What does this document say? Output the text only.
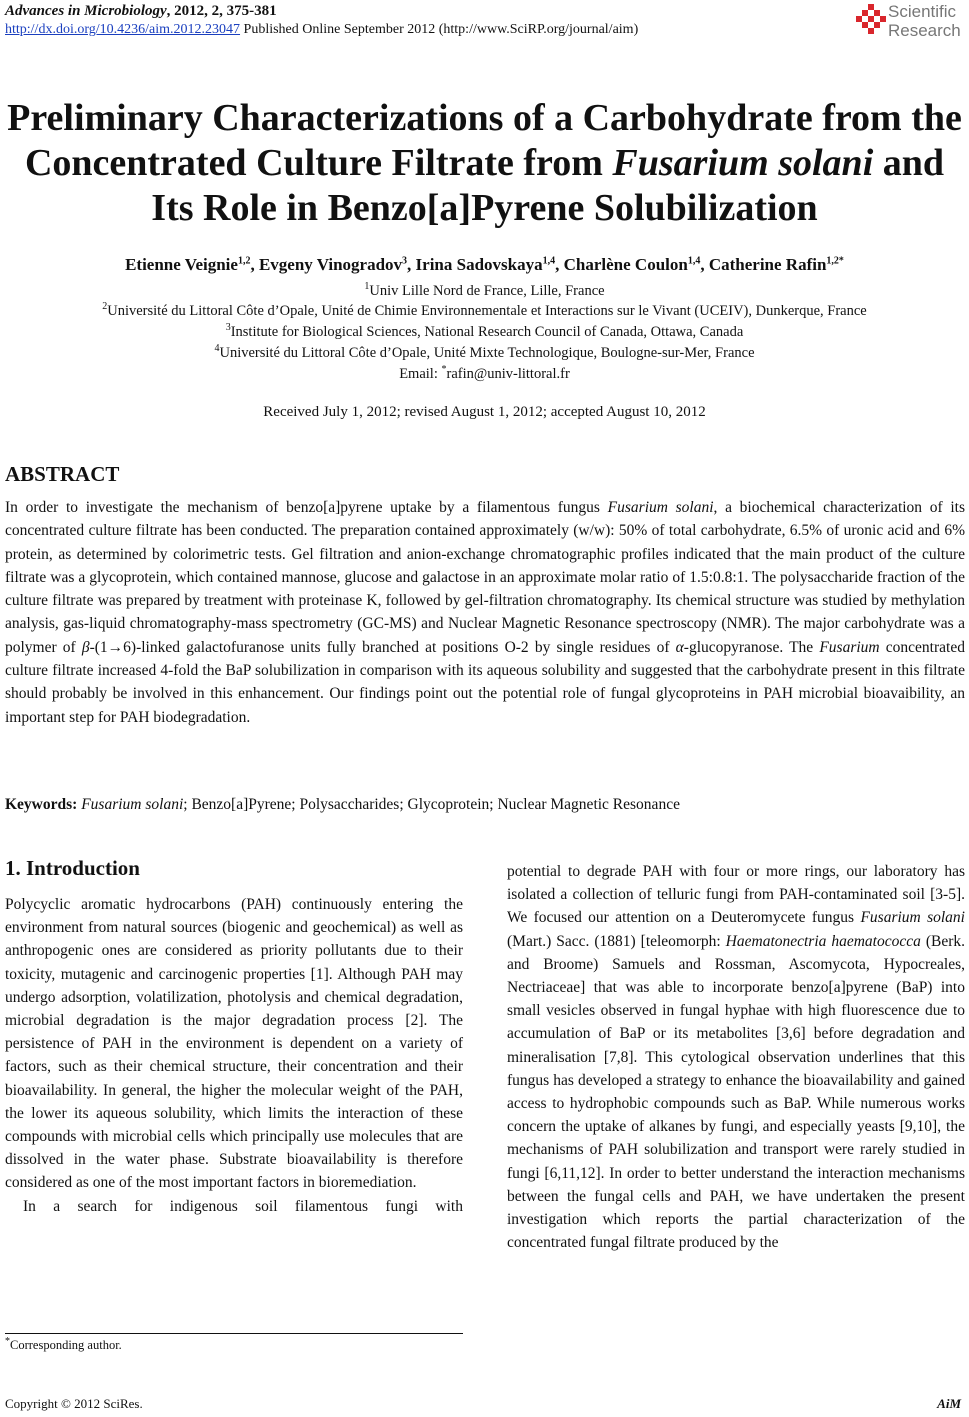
Advances in Microbiology, 2012, 2, 375-381
http://dx.doi.org/10.4236/aim.2012.23047 Published Online September 2012 (http://www.SciRP.org/journal/aim)
Scientific
Research
Preliminary Characterizations of a Carbohydrate from the
Concentrated Culture Filtrate from Fusarium solani and
Its Role in Benzo[a]Pyrene Solubilization
Etienne Veignie$^{1,2}$, Evgeny Vinogradov$^3$, Irina Sadovskaya$^{1,4}$, Charlène Coulon$^{1,4}$, Catherine Rafin$^{1,2*}$
$^1$Univ Lille Nord de France, Lille, France
$^2$Université du Littoral Côte d’Opale, Unité de Chimie Environnementale et Interactions sur le Vivant (UCEIV), Dunkerque, France
$^3$Institute for Biological Sciences, National Research Council of Canada, Ottawa, Canada
$^4$Université du Littoral Côte d’Opale, Unité Mixte Technologique, Boulogne-sur-Mer, France
Email: *rafin@univ-littoral.fr
Received July 1, 2012; revised August 1, 2012; accepted August 10, 2012
ABSTRACT

In order to investigate the mechanism of benzo[a]pyrene uptake by a filamentous fungus Fusarium solani, a biochemical characterization of its concentrated culture filtrate has been conducted. The preparation contained approximately (w/w): 50% of total carbohydrate, 6.5% of uronic acid and 6% protein, as determined by colorimetric tests. Gel filtration and anion-exchange chromatographic profiles indicated that the main product of the culture filtrate was a glycoprotein, which contained mannose, glucose and galactose in an approximate molar ratio of 1.5:0.8:1. The polysaccharide fraction of the culture filtrate was prepared by treatment with proteinase K, followed by gel-filtration chromatography. Its chemical structure was studied by methylation analysis, gas-liquid chromatography-mass spectrometry (GC-MS) and Nuclear Magnetic Resonance spectroscopy (NMR). The major carbohydrate was a polymer of β-(1→6)-linked galactofuranose units fully branched at positions O-2 by single residues of α-glucopyranose. The Fusarium concentrated culture filtrate increased 4-fold the BaP solubilization in comparison with its aqueous solubility and suggested that the carbohydrate present in this filtrate should probably be involved in this enhancement. Our findings point out the potential role of fungal glycoproteins in PAH microbial bioavaibility, an important step for PAH biodegradation.

Keywords: Fusarium solani; Benzo[a]Pyrene; Polysaccharides; Glycoprotein; Nuclear Magnetic Resonance
1. Introduction

Polycyclic aromatic hydrocarbons (PAH) continuously entering the environment from natural sources (biogenic and geochemical) as well as anthropogenic ones are considered as priority pollutants due to their toxicity, mutagenic and carcinogenic properties [1]. Although PAH may undergo adsorption, volatilization, photolysis and chemical degradation, microbial degradation is the major degradation process [2]. The persistence of PAH in the environment is dependent on a variety of factors, such as their chemical structure, their concentration and their bioavailability. In general, the higher the molecular weight of the PAH, the lower its aqueous solubility, which limits the interaction of these compounds with microbial cells which principally use molecules that are dissolved in the water phase. Substrate bioavailability is therefore considered as one of the most important factors in bioremediation.

In a search for indigenous soil filamentous fungi with

potential to degrade PAH with four or more rings, our laboratory has isolated a collection of telluric fungi from PAH-contaminated soil [3-5]. We focused our attention on a Deuteromycete fungus Fusarium solani (Mart.) Sacc. (1881) [teleomorph: Haematonectria haematococca (Berk. and Broome) Samuels and Rossman, Ascomycota, Hypocreales, Nectriaceae] that was able to incorporate benzo[a]pyrene (BaP) into small vesicles observed in fungal hyphae with high fluorescence due to accumulation of BaP or its metabolites [3,6] before degradation and mineralisation [7,8]. This cytological observation underlines that this fungus has developed a strategy to enhance the bioavailability and gained access to hydrophobic compounds such as BaP. While numerous works concern the uptake of alkanes by fungi, and especially yeasts [9,10], the mechanisms of PAH solubilization and transport were rarely studied in fungi [6,11,12]. In order to better understand the interaction mechanisms between the fungal cells and PAH, we have undertaken the present investigation which reports the partial characterization of the concentrated fungal filtrate produced by the

*Corresponding author.
Copyright © 2012 SciRes.	AiM
